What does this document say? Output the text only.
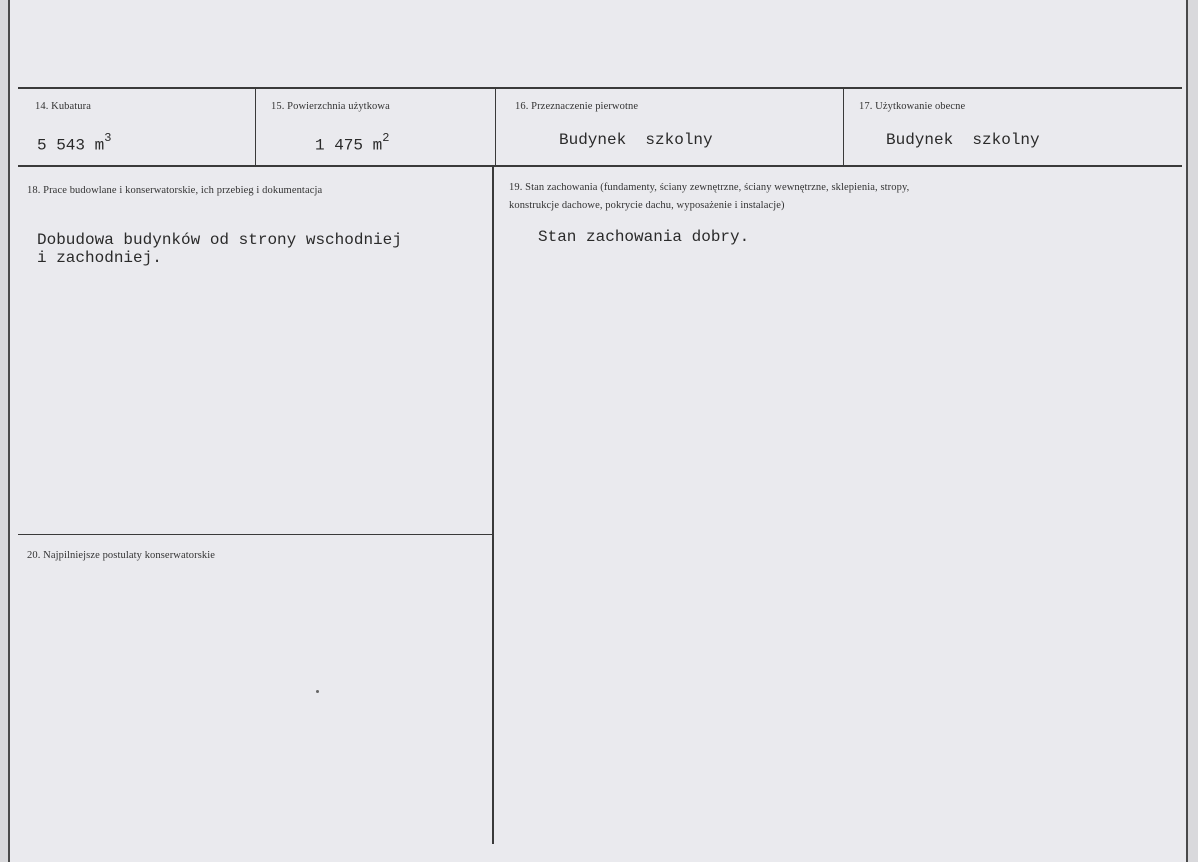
14. Kubatura
5 543 $m^3$
15. Powierzchnia użytkowa
1 475 $m^2$
16. Przeznaczenie pierwotne
Budynek  szkolny
17. Użytkowanie obecne
Budynek  szkolny
18. Prace budowlane i konserwatorskie, ich przebieg i dokumentacja
Dobudowa budynków od strony wschodniej
i zachodniej.
19. Stan zachowania (fundamenty, ściany zewnętrzne, ściany wewnętrzne, sklepienia, stropy,
konstrukcje dachowe, pokrycie dachu, wyposażenie i instalacje)
Stan zachowania dobry.
20. Najpilniejsze postulaty konserwatorskie
